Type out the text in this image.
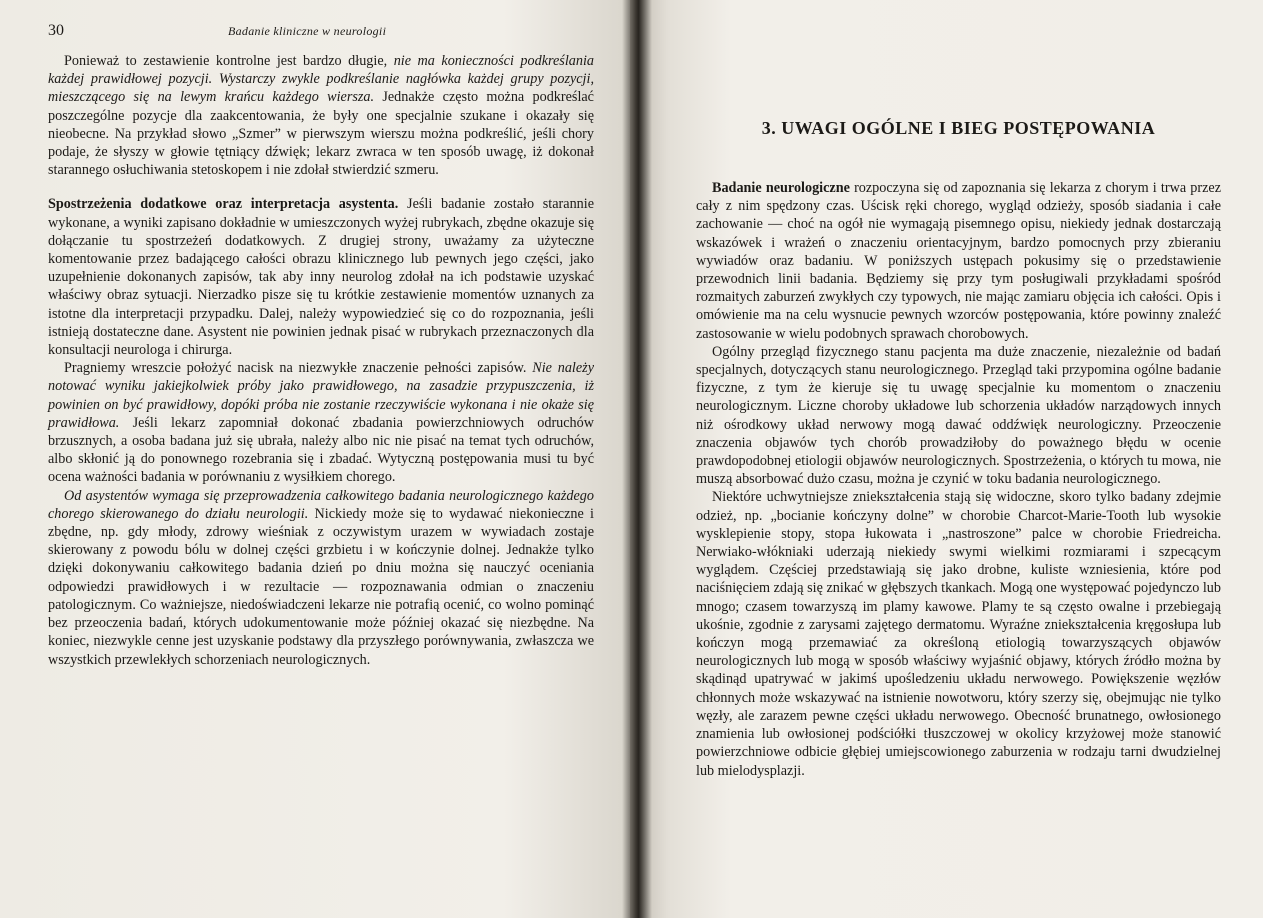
30	Badanie kliniczne w neurologii

Ponieważ to zestawienie kontrolne jest bardzo długie, nie ma konieczności podkreślania każdej prawidłowej pozycji. Wystarczy zwykle podkreślanie nagłówka każdej grupy pozycji, mieszczącego się na lewym krańcu każdego wiersza. Jednakże często można podkreślać poszczególne pozycje dla zaakcentowania, że były one specjalnie szukane i okazały się nieobecne. Na przykład słowo „Szmer” w pierwszym wierszu można podkreślić, jeśli chory podaje, że słyszy w głowie tętniący dźwięk; lekarz zwraca w ten sposób uwagę, iż dokonał starannego osłuchiwania stetoskopem i nie zdołał stwierdzić szmeru.

Spostrzeżenia dodatkowe oraz interpretacja asystenta. Jeśli badanie zostało starannie wykonane, a wyniki zapisano dokładnie w umieszczonych wyżej rubrykach, zbędne okazuje się dołączanie tu spostrzeżeń dodatkowych. Z drugiej strony, uważamy za użyteczne komentowanie przez badającego całości obrazu klinicznego lub pewnych jego części, jako uzupełnienie dokonanych zapisów, tak aby inny neurolog zdołał na ich podstawie uzyskać właściwy obraz sytuacji. Nierzadko pisze się tu krótkie zestawienie momentów uznanych za istotne dla interpretacji przypadku. Dalej, należy wypowiedzieć się co do rozpoznania, jeśli istnieją dostateczne dane. Asystent nie powinien jednak pisać w rubrykach przeznaczonych dla konsultacji neurologa i chirurga.

Pragniemy wreszcie położyć nacisk na niezwykłe znaczenie pełności zapisów. Nie należy notować wyniku jakiejkolwiek próby jako prawidłowego, na zasadzie przypuszczenia, iż powinien on być prawidłowy, dopóki próba nie zostanie rzeczywiście wykonana i nie okaże się prawidłowa. Jeśli lekarz zapomniał dokonać zbadania powierzchniowych odruchów brzusznych, a osoba badana już się ubrała, należy albo nic nie pisać na temat tych odruchów, albo skłonić ją do ponownego rozebrania się i zbadać. Wytyczną postępowania musi tu być ocena ważności badania w porównaniu z wysiłkiem chorego.

Od asystentów wymaga się przeprowadzenia całkowitego badania neurologicznego każdego chorego skierowanego do działu neurologii. Nickiedy może się to wydawać niekonieczne i zbędne, np. gdy młody, zdrowy wieśniak z oczywistym urazem w wywiadach zostaje skierowany z powodu bólu w dolnej części grzbietu i w kończynie dolnej. Jednakże tylko dzięki dokonywaniu całkowitego badania dzień po dniu można się nauczyć oceniania odpowiedzi prawidłowych i w rezultacie — rozpoznawania odmian o znaczeniu patologicznym. Co ważniejsze, niedoświadczeni lekarze nie potrafią ocenić, co wolno pominąć bez przeoczenia badań, których udokumentowanie może później okazać się niezbędne. Na koniec, niezwykle cenne jest uzyskanie podstawy dla przyszłego porównywania, zwłaszcza we wszystkich przewlekłych schorzeniach neurologicznych.

3. UWAGI OGÓLNE I BIEG POSTĘPOWANIA

Badanie neurologiczne rozpoczyna się od zapoznania się lekarza z chorym i trwa przez cały z nim spędzony czas. Uścisk ręki chorego, wygląd odzieży, sposób siadania i całe zachowanie — choć na ogół nie wymagają pisemnego opisu, niekiedy jednak dostarczają wskazówek i wrażeń o znaczeniu orientacyjnym, bardzo pomocnych przy zbieraniu wywiadów oraz badaniu. W poniższych ustępach pokusimy się o przedstawienie przewodnich linii badania. Będziemy się przy tym posługiwali przykładami spośród rozmaitych zaburzeń zwykłych czy typowych, nie mając zamiaru objęcia ich całości. Opis i omówienie ma na celu wysnucie pewnych wzorców postępowania, które powinny znaleźć zastosowanie w wielu podobnych sprawach chorobowych.

Ogólny przegląd fizycznego stanu pacjenta ma duże znaczenie, niezależnie od badań specjalnych, dotyczących stanu neurologicznego. Przegląd taki przypomina ogólne badanie fizyczne, z tym że kieruje się tu uwagę specjalnie ku momentom o znaczeniu neurologicznym. Liczne choroby układowe lub schorzenia układów narządowych innych niż ośrodkowy układ nerwowy mogą dawać oddźwięk neurologiczny. Przeoczenie znaczenia objawów tych chorób prowadziłoby do poważnego błędu w ocenie prawdopodobnej etiologii objawów neurologicznych. Spostrzeżenia, o których tu mowa, nie muszą absorbować dużo czasu, można je czynić w toku badania neurologicznego.

Niektóre uchwytniejsze zniekształcenia stają się widoczne, skoro tylko badany zdejmie odzież, np. „bocianie kończyny dolne” w chorobie Charcot-Marie-Tooth lub wysokie wysklepienie stopy, stopa łukowata i „nastroszone” palce w chorobie Friedreicha. Nerwiako-włókniaki uderzają niekiedy swymi wielkimi rozmiarami i szpecącym wyglądem. Częściej przedstawiają się jako drobne, kuliste wzniesienia, które pod naciśnięciem zdają się znikać w głębszych tkankach. Mogą one występować pojedynczo lub mnogo; czasem towarzyszą im plamy kawowe. Plamy te są często owalne i przebiegają ukośnie, zgodnie z zarysami zajętego dermatomu. Wyraźne zniekształcenia kręgosłupa lub kończyn mogą przemawiać za określoną etiologią towarzyszących objawów neurologicznych lub mogą w sposób właściwy wyjaśnić objawy, których źródło można by skądinąd upatrywać w jakimś upośledzeniu układu nerwowego. Powiększenie węzłów chłonnych może wskazywać na istnienie nowotworu, który szerzy się, obejmując nie tylko węzły, ale zarazem pewne części układu nerwowego. Obecność brunatnego, owłosionego znamienia lub owłosionej podściółki tłuszczowej w okolicy krzyżowej może stanowić powierzchniowe odbicie głębiej umiejscowionego zaburzenia w rodzaju tarni dwudzielnej lub mielodysplazji.
